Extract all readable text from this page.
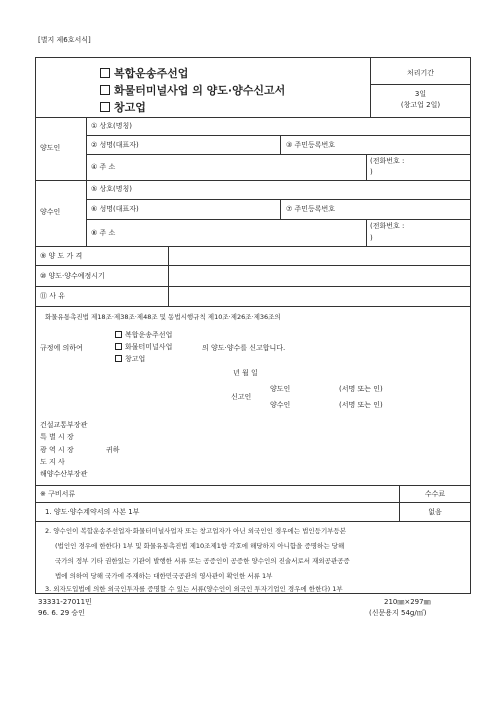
[별지 제6호서식]
복합운송주선업
화물터미널사업 의 양도·양수신고서
창고업
처리기간
3일
(창고업 2일)
양도인
① 상호(명칭)
② 성명(대표자)	③ 주민등록번호
④ 주 소
(전화번호 :
)
양수인
⑤ 상호(명칭)
⑥ 성명(대표자)	⑦ 주민등록번호
⑧ 주 소
(전화번호 :
)
⑨ 양 도 가 격
⑩ 양도·양수예정시기
⑪ 사 유
화물유통촉진법 제18조·제38조·제48조 및 동법시행규칙 제10조·제26조·제36조의
규정에 의하여
복합운송주선업
화물터미널사업
창고업
의 양도·양수를 신고합니다.
년 월 일
신고인
양도인
양수인
(서명 또는 인)
(서명 또는 인)
건설교통부장관
특 별 시 장
광 역 시 장
도 지 사
해양수산부장관
귀하
※ 구비서류	수수료
1. 양도·양수계약서의 사본 1부	없음
2. 양수인이 복합운송주선업자·화물터미널사업자 또는 창고업자가 아닌 외국인인 경우에는 법인등기부등본
(법인인 경우에 한한다) 1부 및 화물유통촉진법 제10조제1항 각호에 해당하지 아니함을 증명하는 당해
국가의 정부 기타 권한있는 기관이 발행한 서류 또는 공증인이 공증한 양수인의 진술서로서 재외공관공증
법에 의하여 당해 국가에 주재하는 대한민국공관의 영사관이 확인한 서류 1부
3. 외자도입법에 의한 외국인투자를 증명할 수 있는 서류(양수인이 외국인 투자기업인 경우에 한한다) 1부
33331-27011민
96. 6. 29 승인
210㎜×297㎜
(신문용지 54g/㎡)
